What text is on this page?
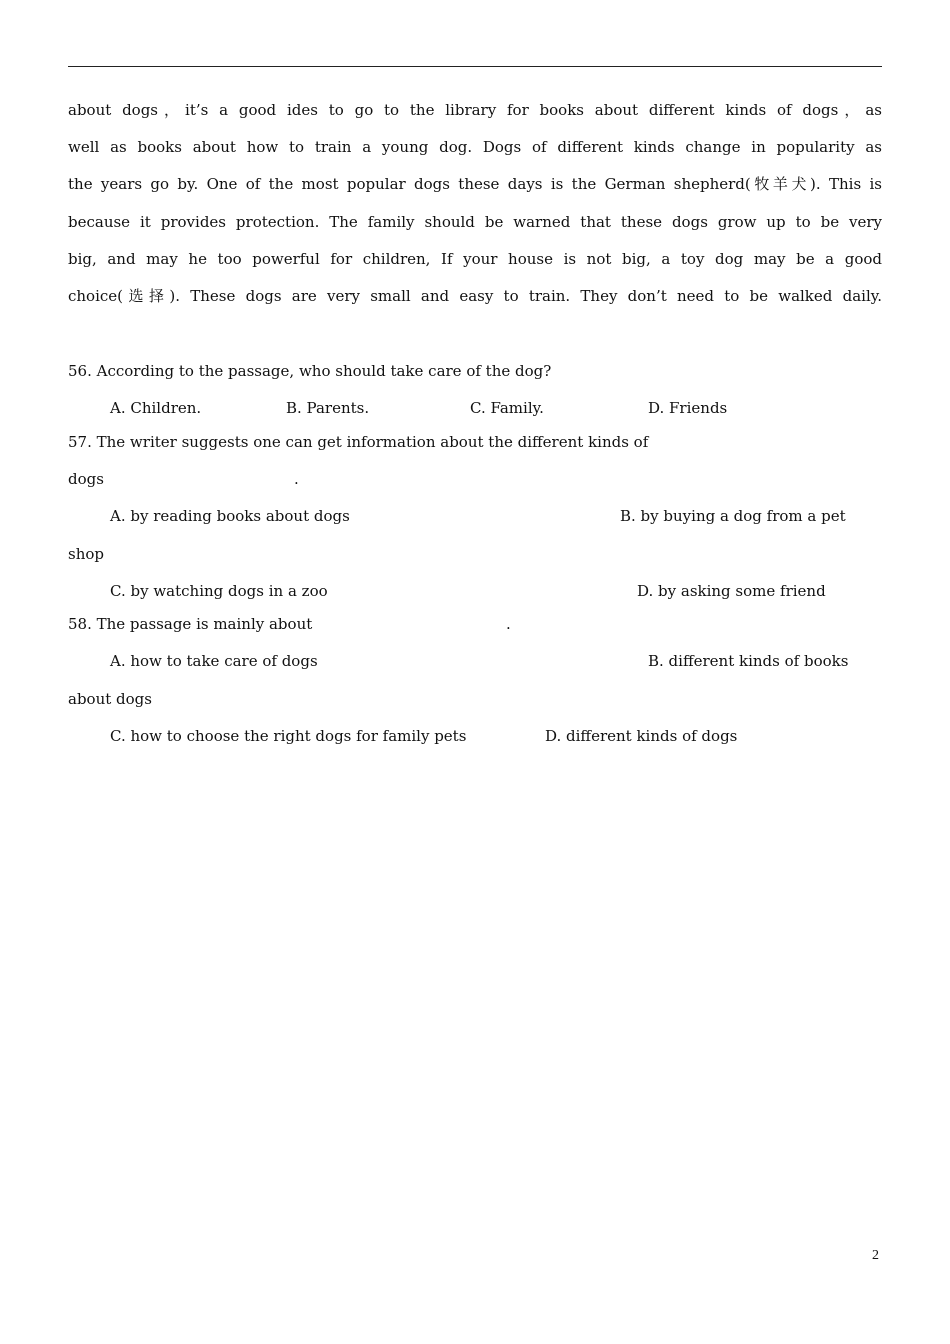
about dogs，it’s a good ides to go to the library for books about different kinds of dogs，as
well as books about how to train a young dog. Dogs of different kinds change in popularity as
the years go by. One of the most popular dogs these days is the German shepherd(牧羊犬). This is
because it provides protection. The family should be warned that these dogs grow up to be very
big, and may he too powerful for children, If your house is not big, a toy dog may be a good
choice(选择). These dogs are very small and easy to train. They don’t need to be walked daily.
56. According to the passage, who should take care of the dog?
A. Children.	B. Parents.	C. Family.	D. Friends
57. The writer suggests one can get information about the different kinds of
dogs	.
A. by reading books about dogs	B. by buying a dog from a pet
shop
C. by watching dogs in a zoo	D. by asking some friend
58. The passage is mainly about	.
A. how to take care of dogs	B. different kinds of books
about dogs
C. how to choose the right dogs for family pets	D. different kinds of dogs
2
